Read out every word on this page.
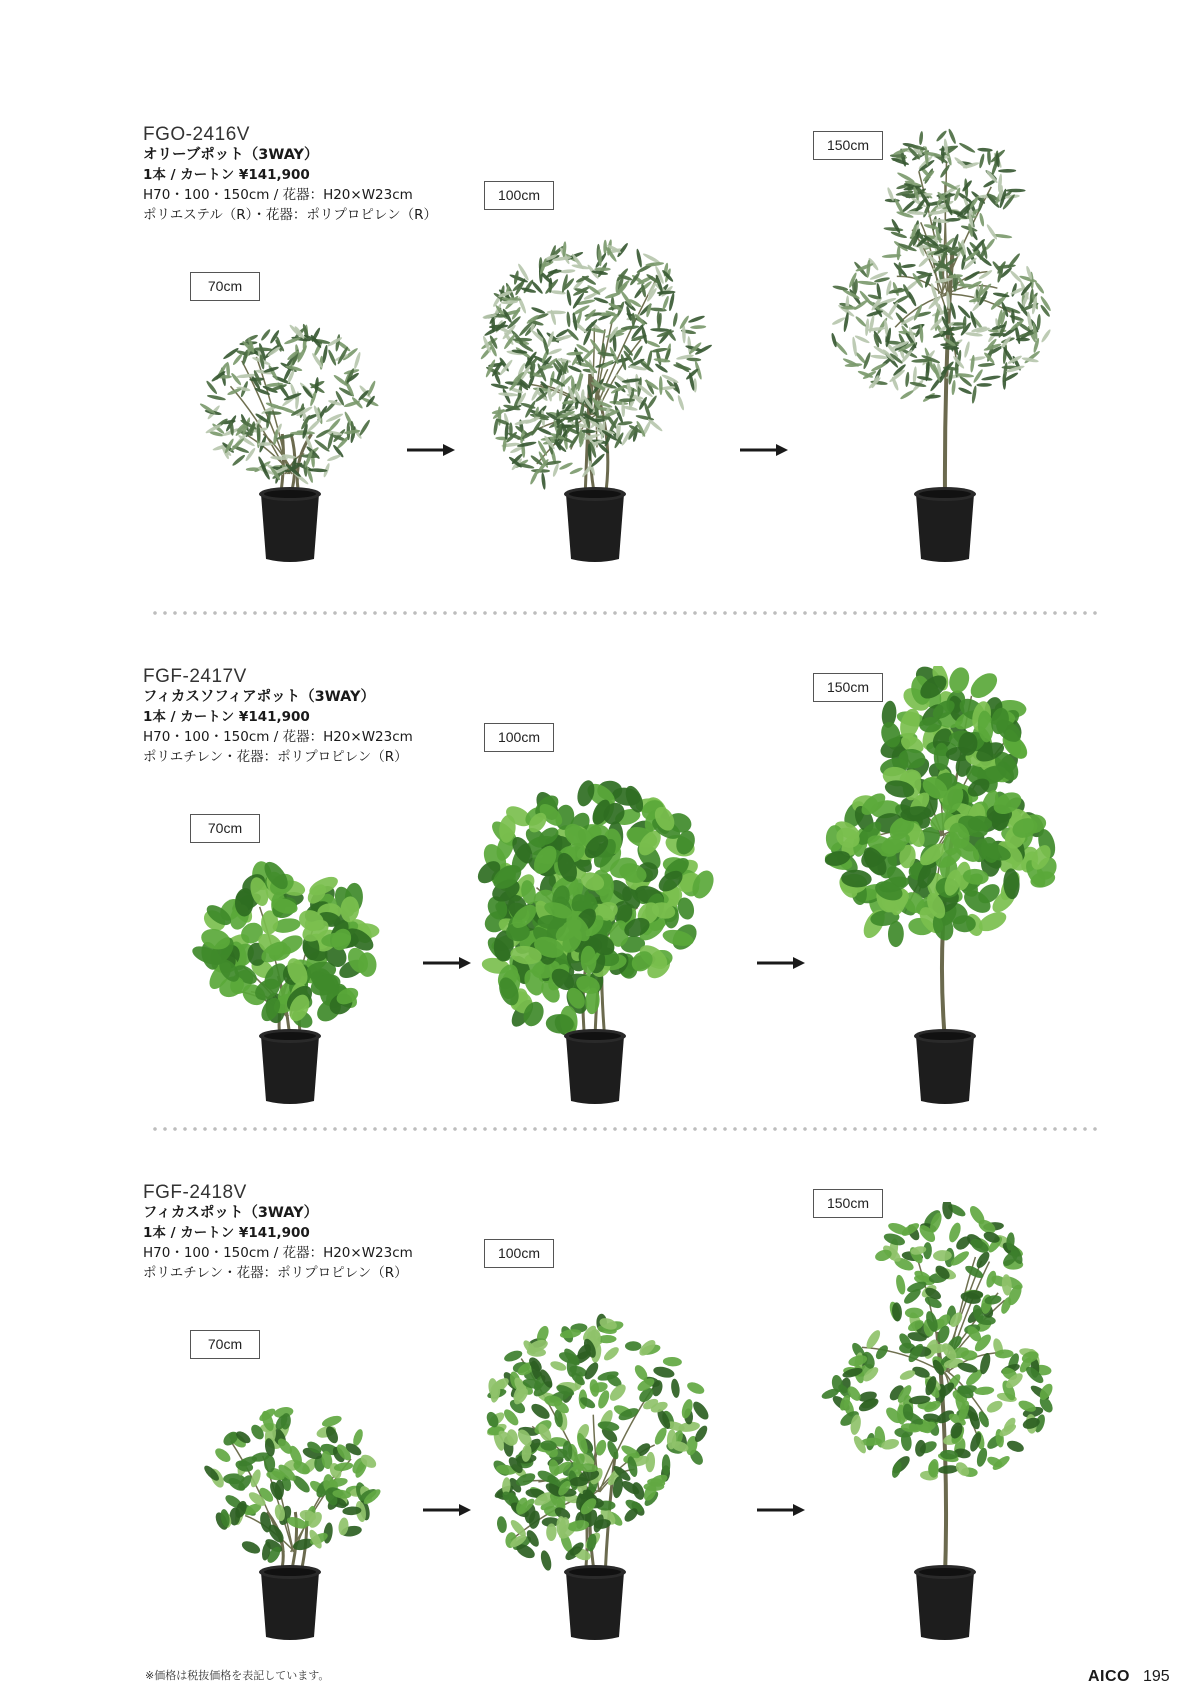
FGO-2416V
オリーブポット（3WAY）
1本 / カートン ¥141,900
H70・100・150cm / 花器：H20×W23cm
ポリエステル（R）・花器：ポリプロピレン（R）
70cm
100cm
150cm
FGF-2417V
フィカスソフィアポット（3WAY）
1本 / カートン ¥141,900
H70・100・150cm / 花器：H20×W23cm
ポリエチレン・花器：ポリプロピレン（R）
70cm
100cm
150cm
FGF-2418V
フィカスポット（3WAY）
1本 / カートン ¥141,900
H70・100・150cm / 花器：H20×W23cm
ポリエチレン・花器：ポリプロピレン（R）
70cm
100cm
150cm
※価格は税抜価格を表記しています。	AICO 195
